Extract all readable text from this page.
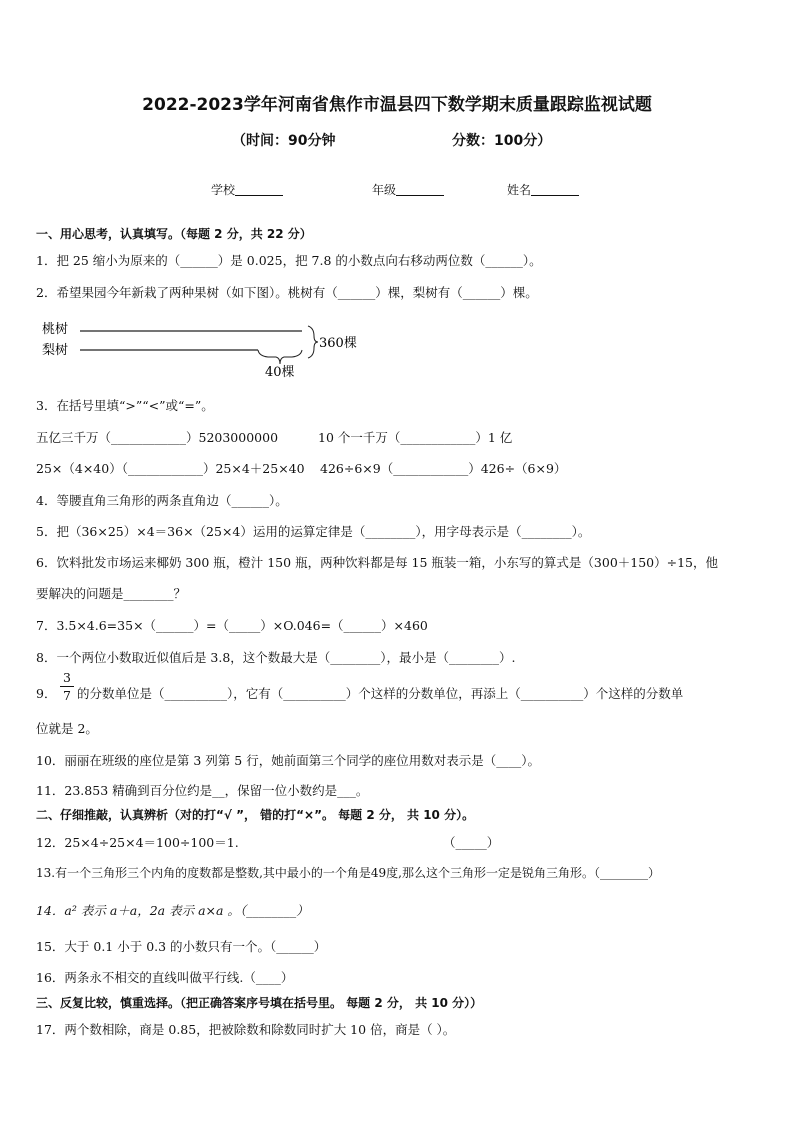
2022-2023学年河南省焦作市温县四下数学期末质量跟踪监视试题
（时间：90分钟	分数：100分）
学校	年级	姓名
一、用心思考，认真填写。（每题 2 分，共 22 分）
1．把 25 缩小为原来的（______）是 0.025，把 7.8 的小数点向右移动两位数（______）。
2．希望果园今年新栽了两种果树（如下图）。桃树有（______）棵，梨树有（______）棵。
桃树
梨树	360棵
40棵
3．在括号里填“>”“<”或“=”。
五亿三千万（____________）5203000000	10 个一千万（____________）1 亿
25×（4×40）（____________）25×4＋25×40 426÷6×9（____________）426÷（6×9）
4．等腰直角三角形的两条直角边（______）。
5．把（36×25）×4＝36×（25×4）运用的运算定律是（________），用字母表示是（________）。
6．饮料批发市场运来椰奶 300 瓶，橙汁 150 瓶，两种饮料都是每 15 瓶装一箱，小东写的算式是（300＋150）÷15，他
要解决的问题是________？
7．3.5×4.6=35×（______）=（_____）×O.046=（______）×460
8．一个两位小数取近似值后是 3.8，这个数最大是（________），最小是（________）.
9． $\frac{3}{7}$ 的分数单位是（__________），它有（__________）个这样的分数单位，再添上（__________）个这样的分数单
位就是 2。
10．丽丽在班级的座位是第 3 列第 5 行，她前面第三个同学的座位用数对表示是（____）。
11．23.853 精确到百分位约是__，保留一位小数约是___。
二、仔细推敲，认真辨析（对的打“√ ”， 错的打“×”。 每题 2 分， 共 10 分）。
12．25×4÷25×4＝100÷100＝1.	（_____）
13.有一个三角形三个内角的度数都是整数,其中最小的一个角是49度,那么这个三角形一定是锐角三角形。（________）
14．a² 表示 a＋a，2a 表示 a×a 。（________）
15．大于 0.1 小于 0.3 的小数只有一个。（______）
16．两条永不相交的直线叫做平行线.（____）
三、反复比较，慎重选择。（把正确答案序号填在括号里。 每题 2 分， 共 10 分））
17．两个数相除，商是 0.85，把被除数和除数同时扩大 10 倍，商是（ ）。
